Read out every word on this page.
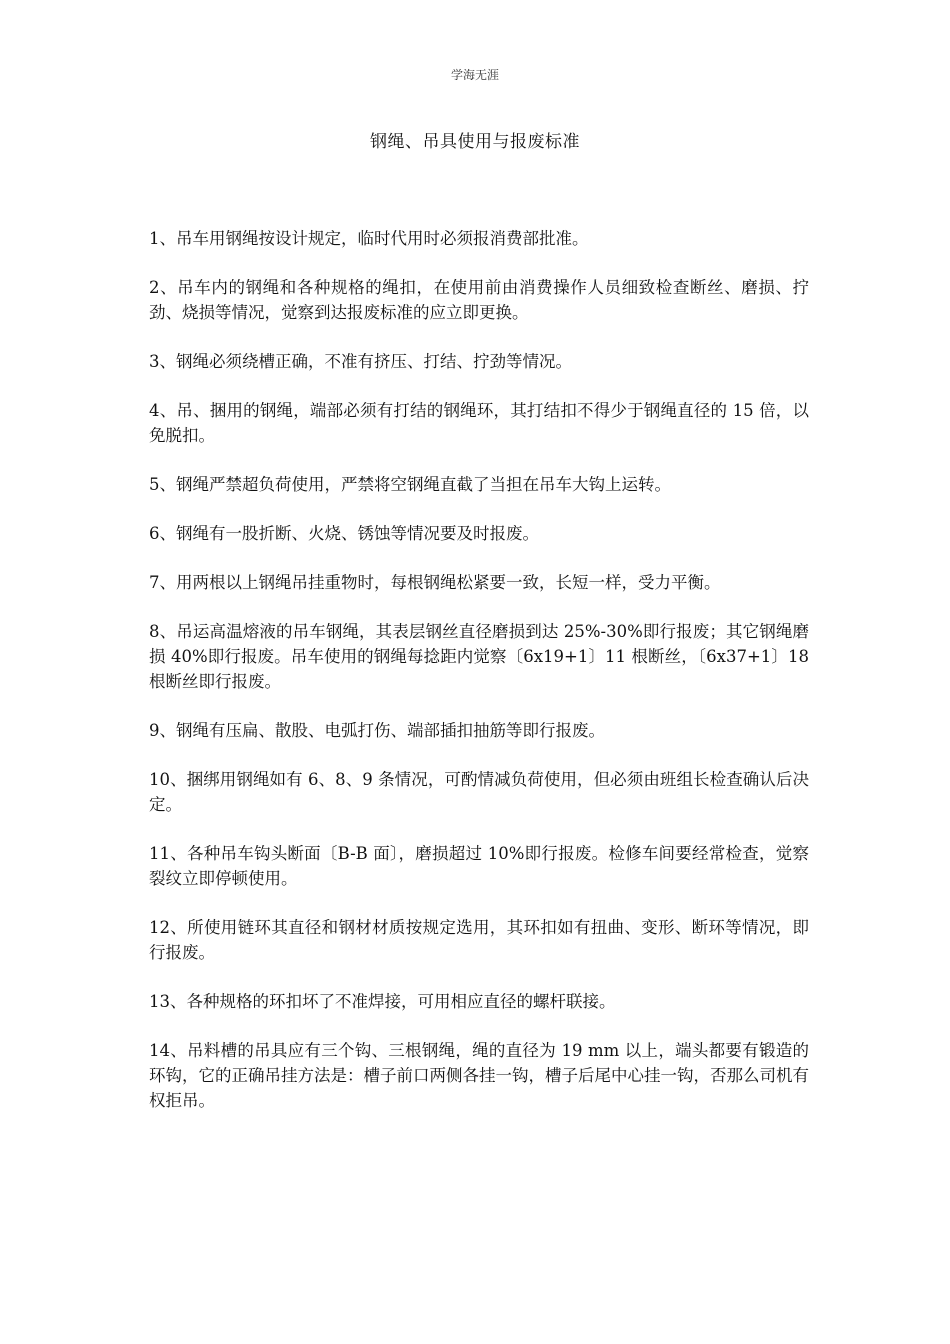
学海无涯
钢绳、吊具使用与报废标准

1、吊车用钢绳按设计规定，临时代用时必须报消费部批准。

2、吊车内的钢绳和各种规格的绳扣，在使用前由消费操作人员细致检查断丝、磨损、拧劲、烧损等情况，觉察到达报废标准的应立即更换。

3、钢绳必须绕槽正确，不准有挤压、打结、拧劲等情况。

4、吊、捆用的钢绳，端部必须有打结的钢绳环，其打结扣不得少于钢绳直径的 15 倍，以免脱扣。

5、钢绳严禁超负荷使用，严禁将空钢绳直截了当担在吊车大钩上运转。

6、钢绳有一股折断、火烧、锈蚀等情况要及时报废。

7、用两根以上钢绳吊挂重物时，每根钢绳松紧要一致，长短一样，受力平衡。

8、吊运高温熔液的吊车钢绳，其表层钢丝直径磨损到达 25%-30%即行报废；其它钢绳磨损 40%即行报废。吊车使用的钢绳每捻距内觉察〔6x19+1〕11 根断丝，〔6x37+1〕18 根断丝即行报废。

9、钢绳有压扁、散股、电弧打伤、端部插扣抽筋等即行报废。

10、捆绑用钢绳如有 6、8、9 条情况，可酌情减负荷使用，但必须由班组长检查确认后决定。

11、各种吊车钩头断面〔B-B 面〕，磨损超过 10%即行报废。检修车间要经常检查，觉察裂纹立即停顿使用。

12、所使用链环其直径和钢材材质按规定选用，其环扣如有扭曲、变形、断环等情况，即行报废。

13、各种规格的环扣坏了不准焊接，可用相应直径的螺杆联接。

14、吊料槽的吊具应有三个钩、三根钢绳，绳的直径为 19 mm 以上，端头都要有锻造的环钩，它的正确吊挂方法是：槽子前口两侧各挂一钩，槽子后尾中心挂一钩，否那么司机有权拒吊。
